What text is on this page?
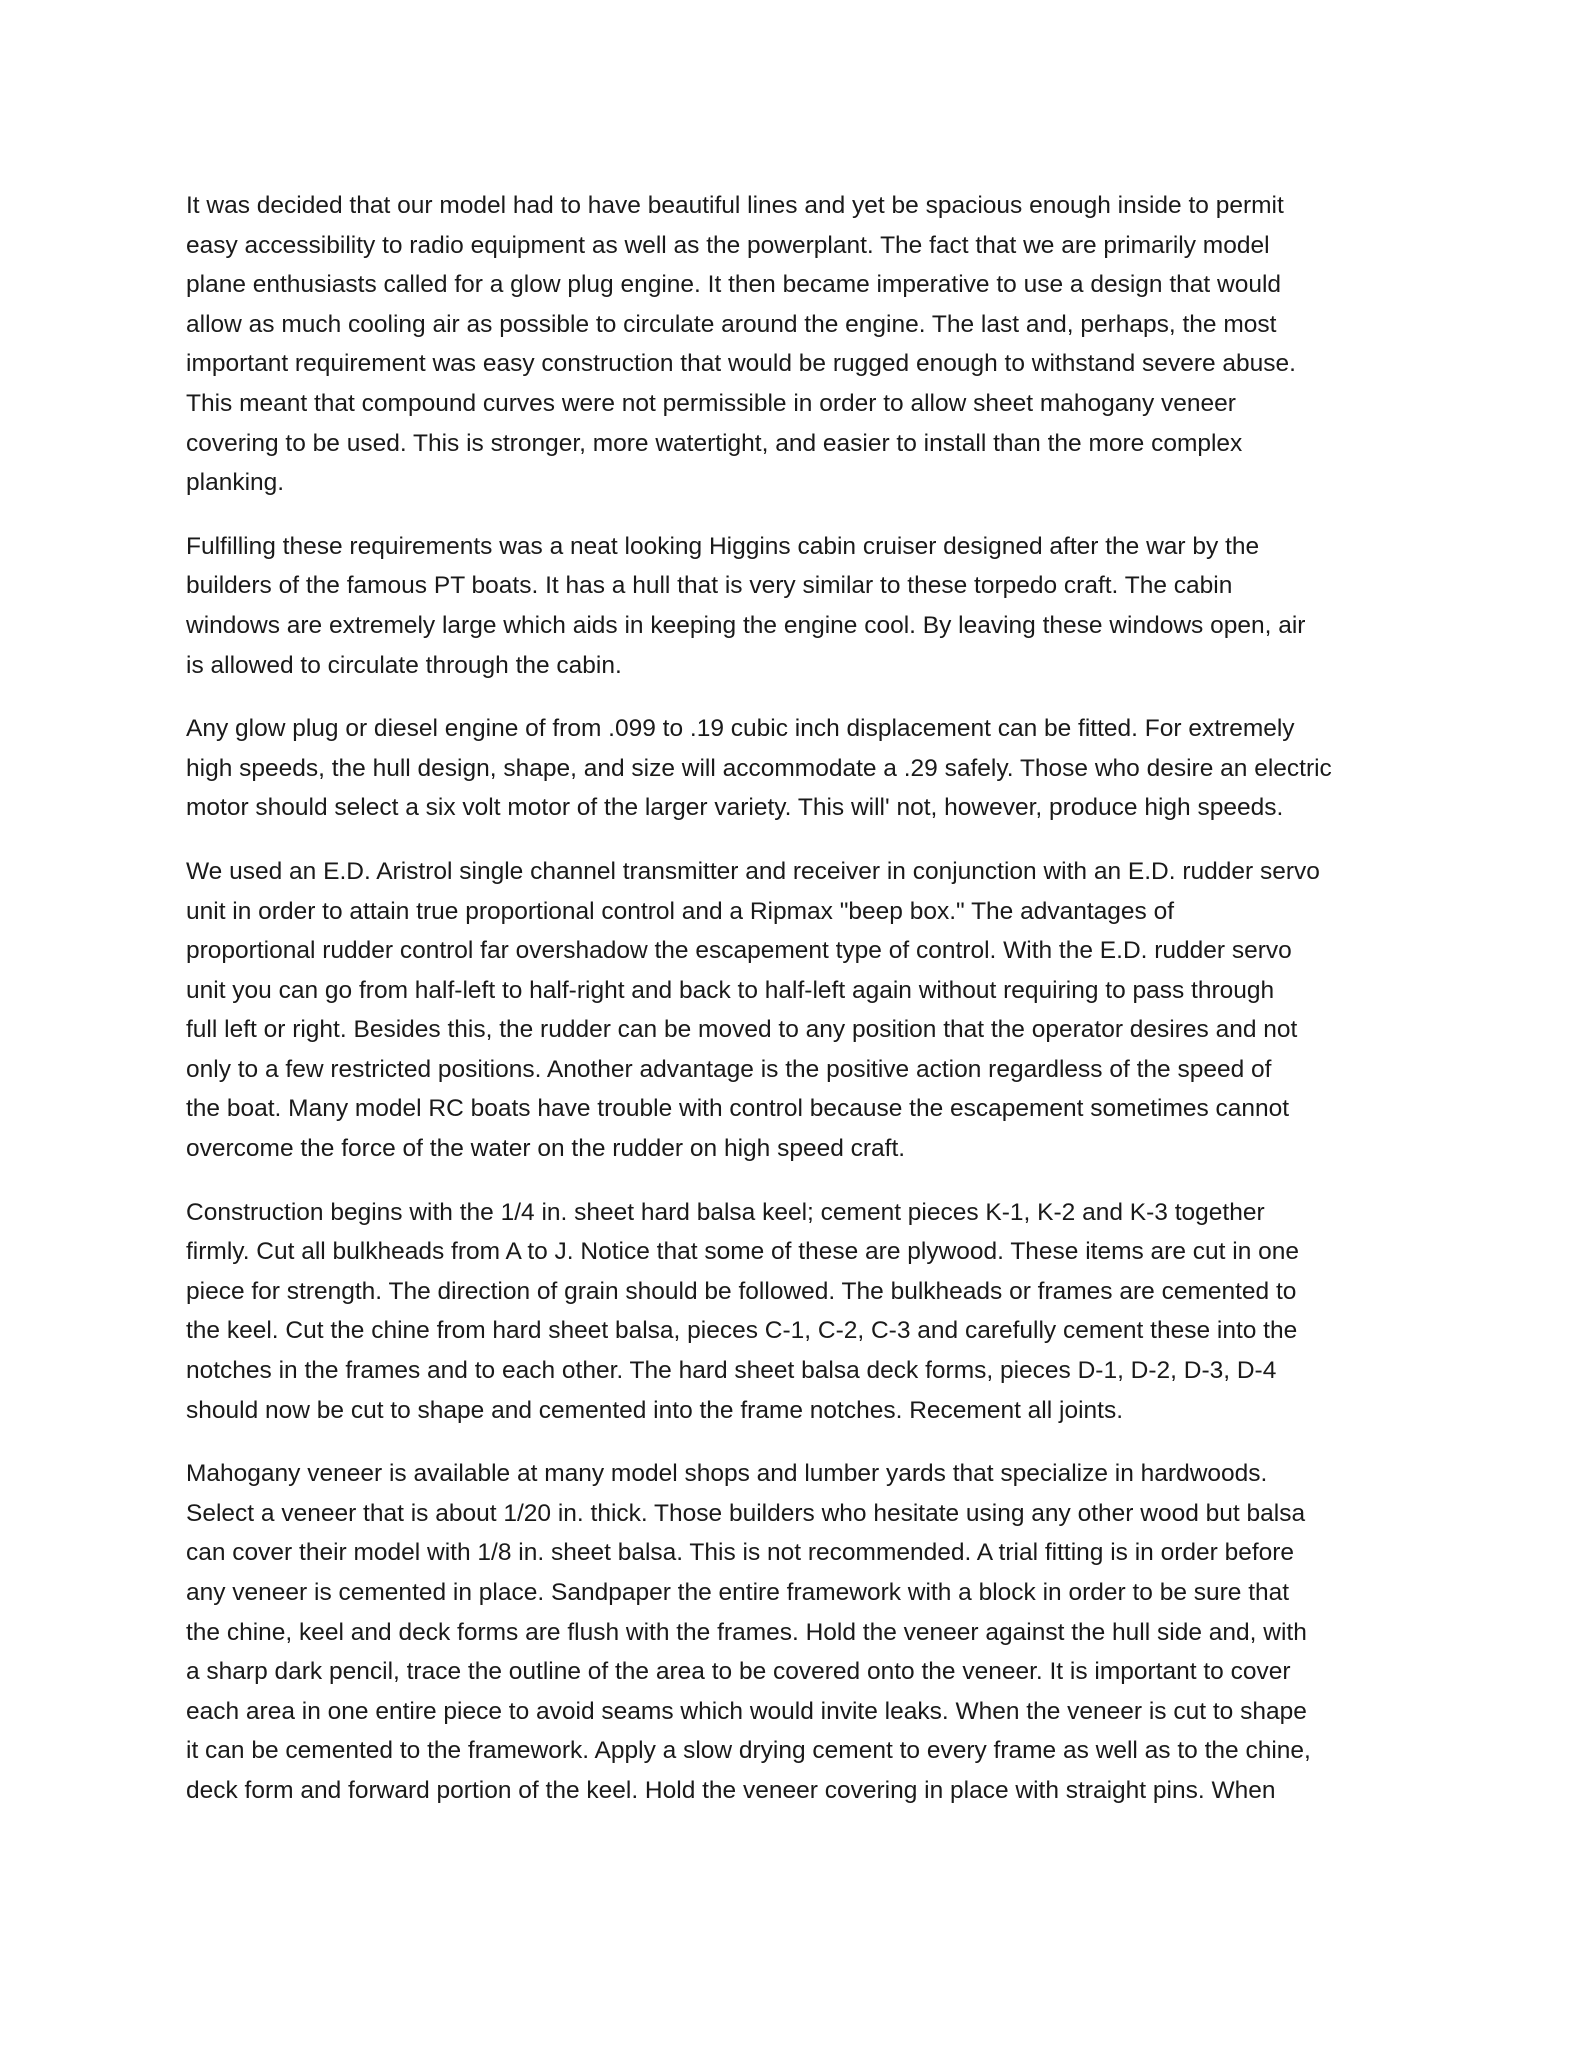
It was decided that our model had to have beautiful lines and yet be spacious enough inside to permit
easy accessibility to radio equipment as well as the powerplant. The fact that we are primarily model
plane enthusiasts called for a glow plug engine. It then became imperative to use a design that would
allow as much cooling air as possible to circulate around the engine. The last and, perhaps, the most
important requirement was easy construction that would be rugged enough to withstand severe abuse.
This meant that compound curves were not permissible in order to allow sheet mahogany veneer
covering to be used. This is stronger, more watertight, and easier to install than the more complex
planking.

Fulfilling these requirements was a neat looking Higgins cabin cruiser designed after the war by the
builders of the famous PT boats. It has a hull that is very similar to these torpedo craft. The cabin
windows are extremely large which aids in keeping the engine cool. By leaving these windows open, air
is allowed to circulate through the cabin.

Any glow plug or diesel engine of from .099 to .19 cubic inch displacement can be fitted. For extremely
high speeds, the hull design, shape, and size will accommodate a .29 safely. Those who desire an electric
motor should select a six volt motor of the larger variety. This will' not, however, produce high speeds.

We used an E.D. Aristrol single channel transmitter and receiver in conjunction with an E.D. rudder servo
unit in order to attain true proportional control and a Ripmax "beep box." The advantages of
proportional rudder control far overshadow the escapement type of control. With the E.D. rudder servo
unit you can go from half-left to half-right and back to half-left again without requiring to pass through
full left or right. Besides this, the rudder can be moved to any position that the operator desires and not
only to a few restricted positions. Another advantage is the positive action regardless of the speed of
the boat. Many model RC boats have trouble with control because the escapement sometimes cannot
overcome the force of the water on the rudder on high speed craft.

Construction begins with the 1/4 in. sheet hard balsa keel; cement pieces K-1, K-2 and K-3 together
firmly. Cut all bulkheads from A to J. Notice that some of these are plywood. These items are cut in one
piece for strength. The direction of grain should be followed. The bulkheads or frames are cemented to
the keel. Cut the chine from hard sheet balsa, pieces C-1, C-2, C-3 and carefully cement these into the
notches in the frames and to each other. The hard sheet balsa deck forms, pieces D-1, D-2, D-3, D-4
should now be cut to shape and cemented into the frame notches. Recement all joints.

Mahogany veneer is available at many model shops and lumber yards that specialize in hardwoods.
Select a veneer that is about 1/20 in. thick. Those builders who hesitate using any other wood but balsa
can cover their model with 1/8 in. sheet balsa. This is not recommended. A trial fitting is in order before
any veneer is cemented in place. Sandpaper the entire framework with a block in order to be sure that
the chine, keel and deck forms are flush with the frames. Hold the veneer against the hull side and, with
a sharp dark pencil, trace the outline of the area to be covered onto the veneer. It is important to cover
each area in one entire piece to avoid seams which would invite leaks. When the veneer is cut to shape
it can be cemented to the framework. Apply a slow drying cement to every frame as well as to the chine,
deck form and forward portion of the keel. Hold the veneer covering in place with straight pins. When
